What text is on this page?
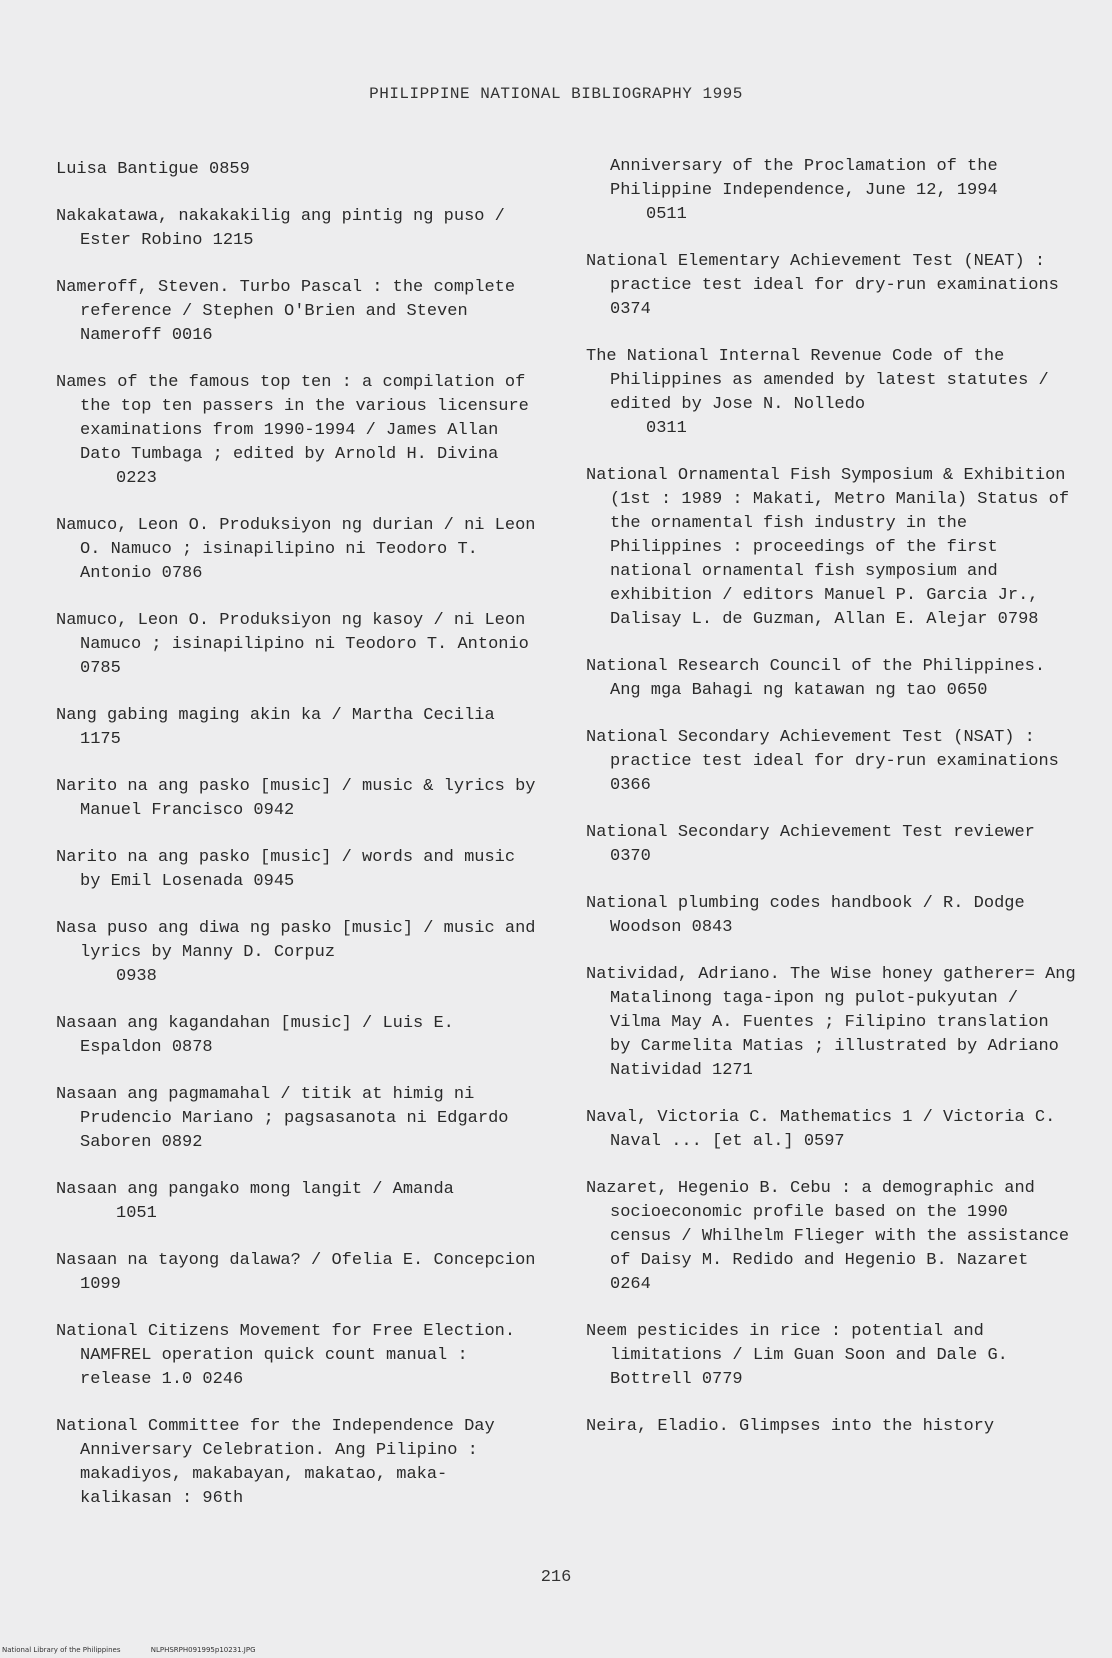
PHILIPPINE NATIONAL BIBLIOGRAPHY 1995
Luisa Bantigue 0859
Nakakatawa, nakakakilig ang pintig ng puso / Ester Robino 1215
Nameroff, Steven. Turbo Pascal : the complete reference / Stephen O'Brien and Steven Nameroff 0016
Names of the famous top ten : a compilation of the top ten passers in the various licensure examinations from 1990-1994 / James Allan Dato Tumbaga ; edited by Arnold H. Divina
0223
Namuco, Leon O. Produksiyon ng durian / ni Leon O. Namuco ; isinapilipino ni Teodoro T. Antonio 0786
Namuco, Leon O. Produksiyon ng kasoy / ni Leon Namuco ; isinapilipino ni Teodoro T. Antonio 0785
Nang gabing maging akin ka / Martha Cecilia 1175
Narito na ang pasko [music] / music & lyrics by Manuel Francisco 0942
Narito na ang pasko [music] / words and music by Emil Losenada 0945
Nasa puso ang diwa ng pasko [music] / music and lyrics by Manny D. Corpuz
0938
Nasaan ang kagandahan [music] / Luis E. Espaldon 0878
Nasaan ang pagmamahal / titik at himig ni Prudencio Mariano ; pagsasanota ni Edgardo Saboren 0892
Nasaan ang pangako mong langit / Amanda
1051
Nasaan na tayong dalawa? / Ofelia E. Concepcion 1099
National Citizens Movement for Free Election. NAMFREL operation quick count manual : release 1.0 0246
National Committee for the Independence Day Anniversary Celebration. Ang Pilipino : makadiyos, makabayan, makatao, maka-kalikasan : 96th
Anniversary of the Proclamation of the Philippine Independence, June 12, 1994
0511
National Elementary Achievement Test (NEAT) : practice test ideal for dry-run examinations 0374
The National Internal Revenue Code of the Philippines as amended by latest statutes / edited by Jose N. Nolledo
0311
National Ornamental Fish Symposium & Exhibition (1st : 1989 : Makati, Metro Manila) Status of the ornamental fish industry in the Philippines : proceedings of the first national ornamental fish symposium and exhibition / editors Manuel P. Garcia Jr., Dalisay L. de Guzman, Allan E. Alejar 0798
National Research Council of the Philippines. Ang mga Bahagi ng katawan ng tao 0650
National Secondary Achievement Test (NSAT) : practice test ideal for dry-run examinations 0366
National Secondary Achievement Test reviewer 0370
National plumbing codes handbook / R. Dodge Woodson 0843
Natividad, Adriano. The Wise honey gatherer= Ang Matalinong taga-ipon ng pulot-pukyutan / Vilma May A. Fuentes ; Filipino translation by Carmelita Matias ; illustrated by Adriano Natividad 1271
Naval, Victoria C. Mathematics 1 / Victoria C. Naval ... [et al.] 0597
Nazaret, Hegenio B. Cebu : a demographic and socioeconomic profile based on the 1990 census / Whilhelm Flieger with the assistance of Daisy M. Redido and Hegenio B. Nazaret 0264
Neem pesticides in rice : potential and limitations / Lim Guan Soon and Dale G. Bottrell 0779
Neira, Eladio. Glimpses into the history
216
National Library of the Philippines	NLPHSRPH091995p10231.JPG
